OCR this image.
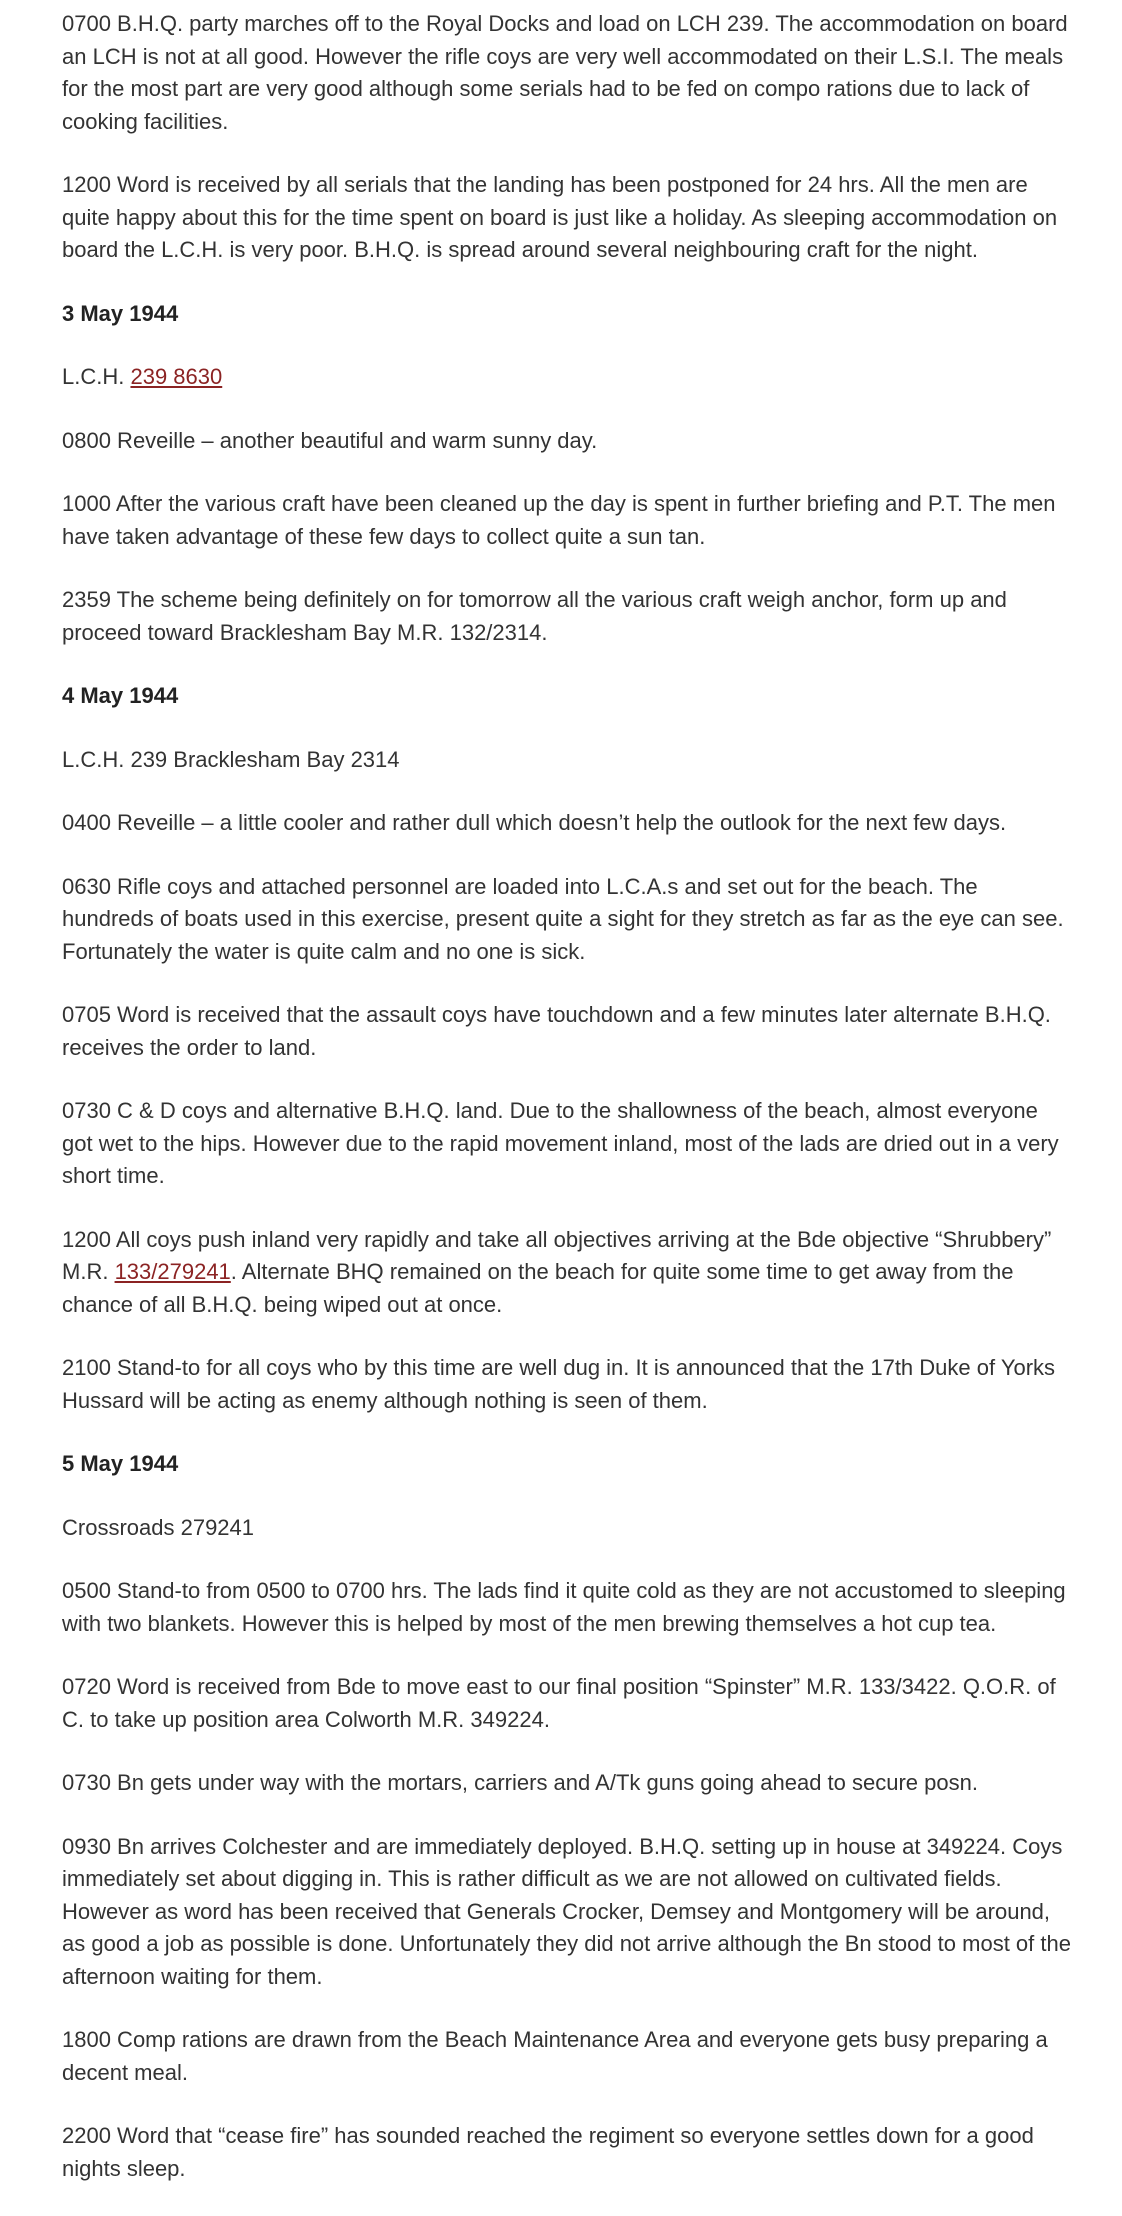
0700 B.H.Q. party marches off to the Royal Docks and load on LCH 239. The accommodation on board an LCH is not at all good. However the rifle coys are very well accommodated on their L.S.I. The meals for the most part are very good although some serials had to be fed on compo rations due to lack of cooking facilities.

1200 Word is received by all serials that the landing has been postponed for 24 hrs. All the men are quite happy about this for the time spent on board is just like a holiday. As sleeping accommodation on board the L.C.H. is very poor. B.H.Q. is spread around several neighbouring craft for the night.

3 May 1944

L.C.H. 239 8630

0800 Reveille – another beautiful and warm sunny day.

1000 After the various craft have been cleaned up the day is spent in further briefing and P.T. The men have taken advantage of these few days to collect quite a sun tan.

2359 The scheme being definitely on for tomorrow all the various craft weigh anchor, form up and proceed toward Bracklesham Bay M.R. 132/2314.

4 May 1944

L.C.H. 239 Bracklesham Bay 2314

0400 Reveille – a little cooler and rather dull which doesn’t help the outlook for the next few days.

0630 Rifle coys and attached personnel are loaded into L.C.A.s and set out for the beach. The hundreds of boats used in this exercise, present quite a sight for they stretch as far as the eye can see. Fortunately the water is quite calm and no one is sick.

0705 Word is received that the assault coys have touchdown and a few minutes later alternate B.H.Q. receives the order to land.

0730 C & D coys and alternative B.H.Q. land. Due to the shallowness of the beach, almost everyone got wet to the hips. However due to the rapid movement inland, most of the lads are dried out in a very short time.

1200 All coys push inland very rapidly and take all objectives arriving at the Bde objective “Shrubbery” M.R. 133/279241. Alternate BHQ remained on the beach for quite some time to get away from the chance of all B.H.Q. being wiped out at once.

2100 Stand-to for all coys who by this time are well dug in. It is announced that the 17th Duke of Yorks Hussard will be acting as enemy although nothing is seen of them.

5 May 1944

Crossroads 279241

0500 Stand-to from 0500 to 0700 hrs. The lads find it quite cold as they are not accustomed to sleeping with two blankets. However this is helped by most of the men brewing themselves a hot cup tea.

0720 Word is received from Bde to move east to our final position “Spinster” M.R. 133/3422. Q.O.R. of C. to take up position area Colworth M.R. 349224.

0730 Bn gets under way with the mortars, carriers and A/Tk guns going ahead to secure posn.

0930 Bn arrives Colchester and are immediately deployed. B.H.Q. setting up in house at 349224. Coys immediately set about digging in. This is rather difficult as we are not allowed on cultivated fields. However as word has been received that Generals Crocker, Demsey and Montgomery will be around, as good a job as possible is done. Unfortunately they did not arrive although the Bn stood to most of the afternoon waiting for them.

1800 Comp rations are drawn from the Beach Maintenance Area and everyone gets busy preparing a decent meal.

2200 Word that “cease fire” has sounded reached the regiment so everyone settles down for a good nights sleep.
